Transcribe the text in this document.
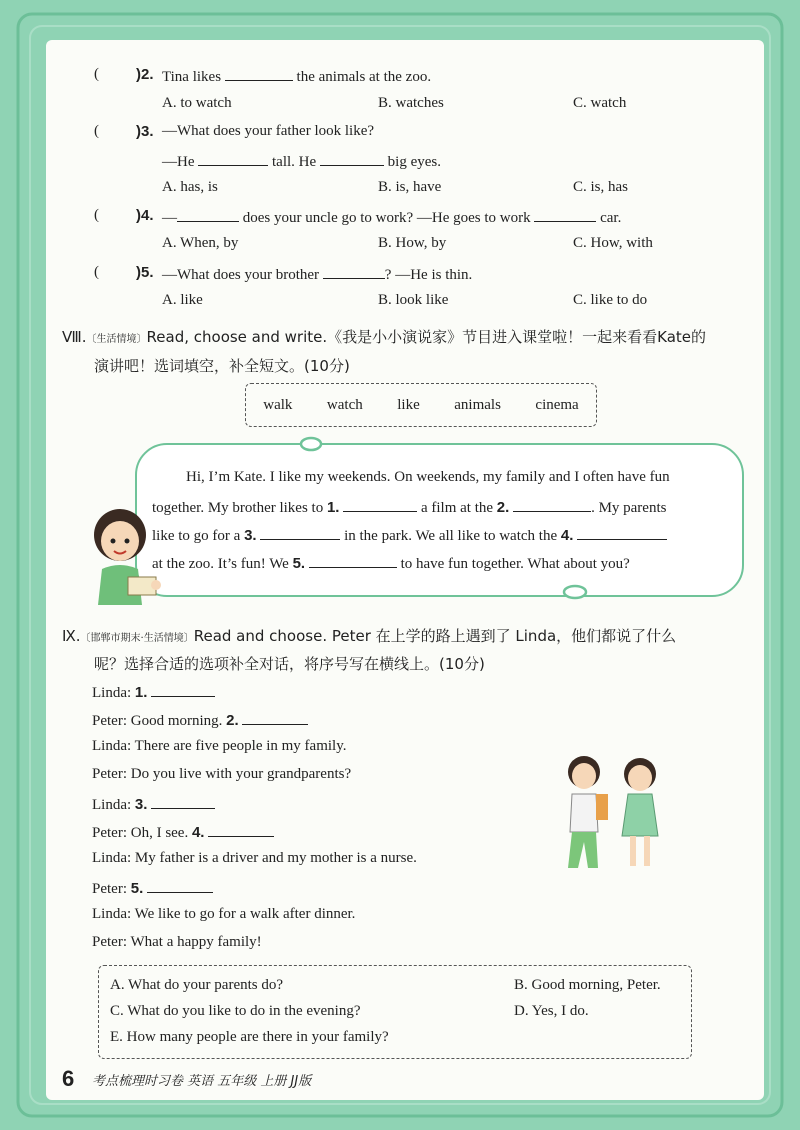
( )2. Tina likes	the animals at the zoo.
A. to watch	B. watches	C. watch
( )3. —What does your father look like?
—He	tall. He	big eyes.
A. has, is	B. is, have	C. is, has
( )4. —	does your uncle go to work? —He goes to work	car.
A. When, by	B. How, by	C. How, with
( )5. —What does your brother	? —He is thin.
A. like	B. look like	C. like to do
Ⅷ.〔生活情境〕Read, choose and write.《我是小小演说家》节目进入课堂啦！一起来看看Kate的
演讲吧！选词填空，补全短文。(10分)
walk watch like animals cinema
Hi, I’m Kate. I like my weekends. On weekends, my family and I often have fun
together. My brother likes to 1.	a film at the 2.	. My parents
like to go for a 3.	in the park. We all like to watch the 4.
at the zoo. It’s fun! We 5.	to have fun together. What about you?
Ⅸ.〔邯郸市期末·生活情境〕Read and choose. Peter 在上学的路上遇到了 Linda，他们都说了什么
呢？选择合适的选项补全对话，将序号写在横线上。(10分)
Linda: 1.
Peter: Good morning. 2.
Linda: There are five people in my family.
Peter: Do you live with your grandparents?
Linda: 3.
Peter: Oh, I see. 4.
Linda: My father is a driver and my mother is a nurse.
Peter: 5.
Linda: We like to go for a walk after dinner.
Peter: What a happy family!
A. What do your parents do?	B. Good morning, Peter.
C. What do you like to do in the evening?	D. Yes, I do.
E. How many people are there in your family?
6 考点梳理时习卷 英语 五年级 上册 JJ版
